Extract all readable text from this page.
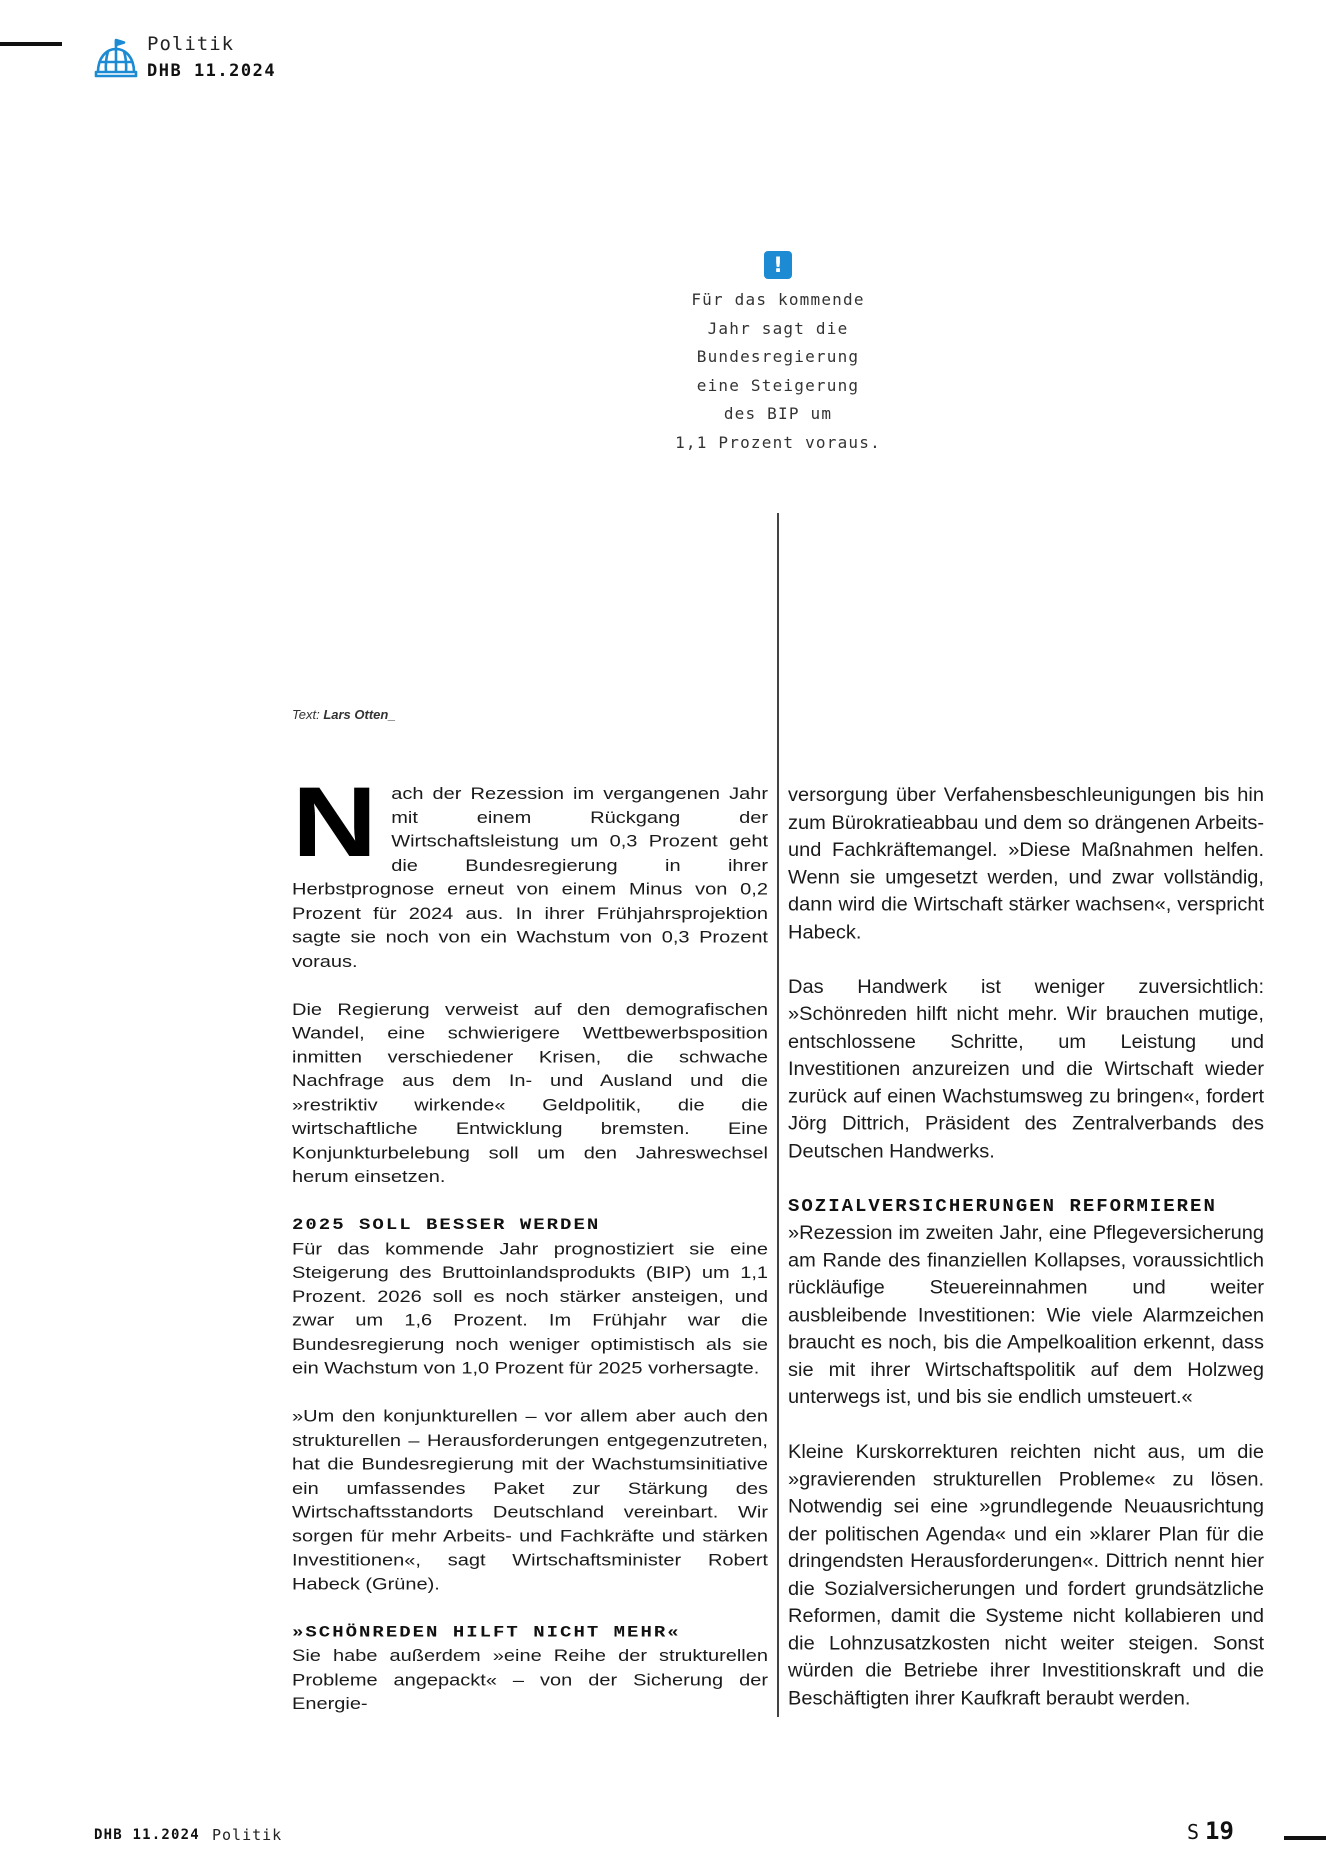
Politik
DHB 11.2024
!
Für das kommende
Jahr sagt die
Bundesregierung
eine Steigerung
des BIP um
1,1 Prozent voraus.
Text: Lars Otten_

Nach der Rezession im vergangenen Jahr mit einem Rückgang der Wirtschaftsleistung um 0,3 Prozent geht die Bundesregierung in ihrer Herbstprognose erneut von einem Minus von 0,2 Prozent für 2024 aus. In ihrer Frühjahrsprojektion sagte sie noch von ein Wachstum von 0,3 Prozent voraus.

Die Regierung verweist auf den demografischen Wandel, eine schwierigere Wettbewerbsposition inmitten verschiedener Krisen, die schwache Nachfrage aus dem In- und Ausland und die »restriktiv wirkende« Geldpolitik, die die wirtschaftliche Entwicklung bremsten. Eine Konjunkturbelebung soll um den Jahreswechsel herum einsetzen.

2025 SOLL BESSER WERDEN

Für das kommende Jahr prognostiziert sie eine Steigerung des Bruttoinlandsprodukts (BIP) um 1,1 Prozent. 2026 soll es noch stärker ansteigen, und zwar um 1,6 Prozent. Im Frühjahr war die Bundesregierung noch weniger optimistisch als sie ein Wachstum von 1,0 Prozent für 2025 vorhersagte.

»Um den konjunkturellen – vor allem aber auch den strukturellen – Herausforderungen entgegenzutreten, hat die Bundesregierung mit der Wachstumsinitiative ein umfassendes Paket zur Stärkung des Wirtschaftsstandorts Deutschland vereinbart. Wir sorgen für mehr Arbeits- und Fachkräfte und stärken Investitionen«, sagt Wirtschaftsminister Robert Habeck (Grüne).

»SCHÖNREDEN HILFT NICHT MEHR«

Sie habe außerdem »eine Reihe der strukturellen Probleme angepackt« – von der Sicherung der Energie-

versorgung über Verfahensbeschleunigungen bis hin zum Bürokratieabbau und dem so drängenen Arbeits- und Fachkräftemangel. »Diese Maßnahmen helfen. Wenn sie umgesetzt werden, und zwar vollständig, dann wird die Wirtschaft stärker wachsen«, verspricht Habeck.

Das Handwerk ist weniger zuversichtlich: »Schönreden hilft nicht mehr. Wir brauchen mutige, entschlossene Schritte, um Leistung und Investitionen anzureizen und die Wirtschaft wieder zurück auf einen Wachstumsweg zu bringen«, fordert Jörg Dittrich, Präsident des Zentralverbands des Deutschen Handwerks.

SOZIALVERSICHERUNGEN REFORMIEREN

»Rezession im zweiten Jahr, eine Pflegeversicherung am Rande des finanziellen Kollapses, voraussichtlich rückläufige Steuereinnahmen und weiter ausbleibende Investitionen: Wie viele Alarmzeichen braucht es noch, bis die Ampelkoalition erkennt, dass sie mit ihrer Wirtschaftspolitik auf dem Holzweg unterwegs ist, und bis sie endlich umsteuert.«

Kleine Kurskorrekturen reichten nicht aus, um die »gravierenden strukturellen Probleme« zu lösen. Notwendig sei eine »grundlegende Neuausrichtung der politischen Agenda« und ein »klarer Plan für die dringendsten Herausforderungen«. Dittrich nennt hier die Sozialversicherungen und fordert grundsätzliche Reformen, damit die Systeme nicht kollabieren und die Lohnzusatzkosten nicht weiter steigen. Sonst würden die Betriebe ihrer Investitionskraft und die Beschäftigten ihrer Kaufkraft beraubt werden.

DHB 11.2024 Politik	S 19
